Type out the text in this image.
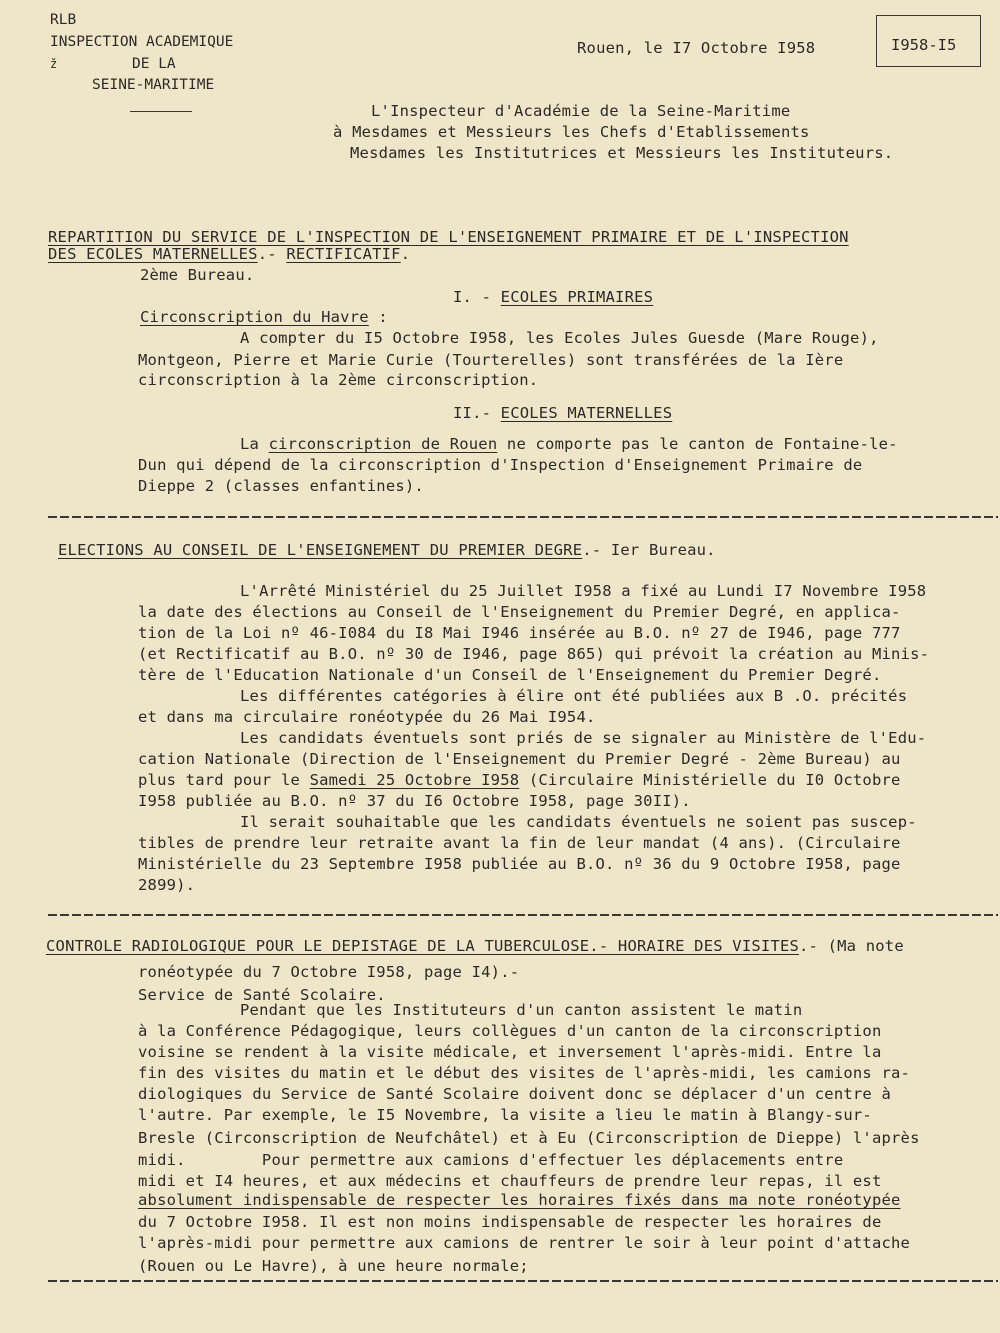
RLB
INSPECTION ACADEMIQUE
ž	DE LA
SEINE-MARITIME
Rouen, le I7 Octobre I958	I958-I5
L'Inspecteur d'Académie de la Seine-Maritime
à Mesdames et Messieurs les Chefs d'Etablissements
Mesdames les Institutrices et Messieurs les Instituteurs.
REPARTITION DU SERVICE DE L'INSPECTION DE L'ENSEIGNEMENT PRIMAIRE ET DE L'INSPECTION
DES ECOLES MATERNELLES.- RECTIFICATIF.
2ème Bureau.
I. - ECOLES PRIMAIRES
Circonscription du Havre :
A compter du I5 Octobre I958, les Ecoles Jules Guesde (Mare Rouge),
Montgeon, Pierre et Marie Curie (Tourterelles) sont transférées de la Ière
circonscription à la 2ème circonscription.
II.- ECOLES MATERNELLES
La circonscription de Rouen ne comporte pas le canton de Fontaine-le-
Dun qui dépend de la circonscription d'Inspection d'Enseignement Primaire de
Dieppe 2 (classes enfantines).
ELECTIONS AU CONSEIL DE L'ENSEIGNEMENT DU PREMIER DEGRE.- Ier Bureau.
L'Arrêté Ministériel du 25 Juillet I958 a fixé au Lundi I7 Novembre I958
la date des élections au Conseil de l'Enseignement du Premier Degré, en applica-
tion de la Loi nº 46-I084 du I8 Mai I946 insérée au B.O. nº 27 de I946, page 777
(et Rectificatif au B.O. nº 30 de I946, page 865) qui prévoit la création au Minis-
tère de l'Education Nationale d'un Conseil de l'Enseignement du Premier Degré.
Les différentes catégories à élire ont été publiées aux B .O. précités
et dans ma circulaire ronéotypée du 26 Mai I954.
Les candidats éventuels sont priés de se signaler au Ministère de l'Edu-
cation Nationale (Direction de l'Enseignement du Premier Degré - 2ème Bureau) au
plus tard pour le Samedi 25 Octobre I958 (Circulaire Ministérielle du I0 Octobre
I958 publiée au B.O. nº 37 du I6 Octobre I958, page 30II).
Il serait souhaitable que les candidats éventuels ne soient pas suscep-
tibles de prendre leur retraite avant la fin de leur mandat (4 ans). (Circulaire
Ministérielle du 23 Septembre I958 publiée au B.O. nº 36 du 9 Octobre I958, page
2899).
CONTROLE RADIOLOGIQUE POUR LE DEPISTAGE DE LA TUBERCULOSE.- HORAIRE DES VISITES.- (Ma note
ronéotypée du 7 Octobre I958, page I4).-
Service de Santé Scolaire.
Pendant que les Instituteurs d'un canton assistent le matin
à la Conférence Pédagogique, leurs collègues d'un canton de la circonscription
voisine se rendent à la visite médicale, et inversement l'après-midi. Entre la
fin des visites du matin et le début des visites de l'après-midi, les camions ra-
diologiques du Service de Santé Scolaire doivent donc se déplacer d'un centre à
l'autre. Par exemple, le I5 Novembre, la visite a lieu le matin à Blangy-sur-
Bresle (Circonscription de Neufchâtel) et à Eu (Circonscription de Dieppe) l'après
midi.        Pour permettre aux camions d'effectuer les déplacements entre
midi et I4 heures, et aux médecins et chauffeurs de prendre leur repas, il est
absolument indispensable de respecter les horaires fixés dans ma note ronéotypée
du 7 Octobre I958. Il est non moins indispensable de respecter les horaires de
l'après-midi pour permettre aux camions de rentrer le soir à leur point d'attache
(Rouen ou Le Havre), à une heure normale;
